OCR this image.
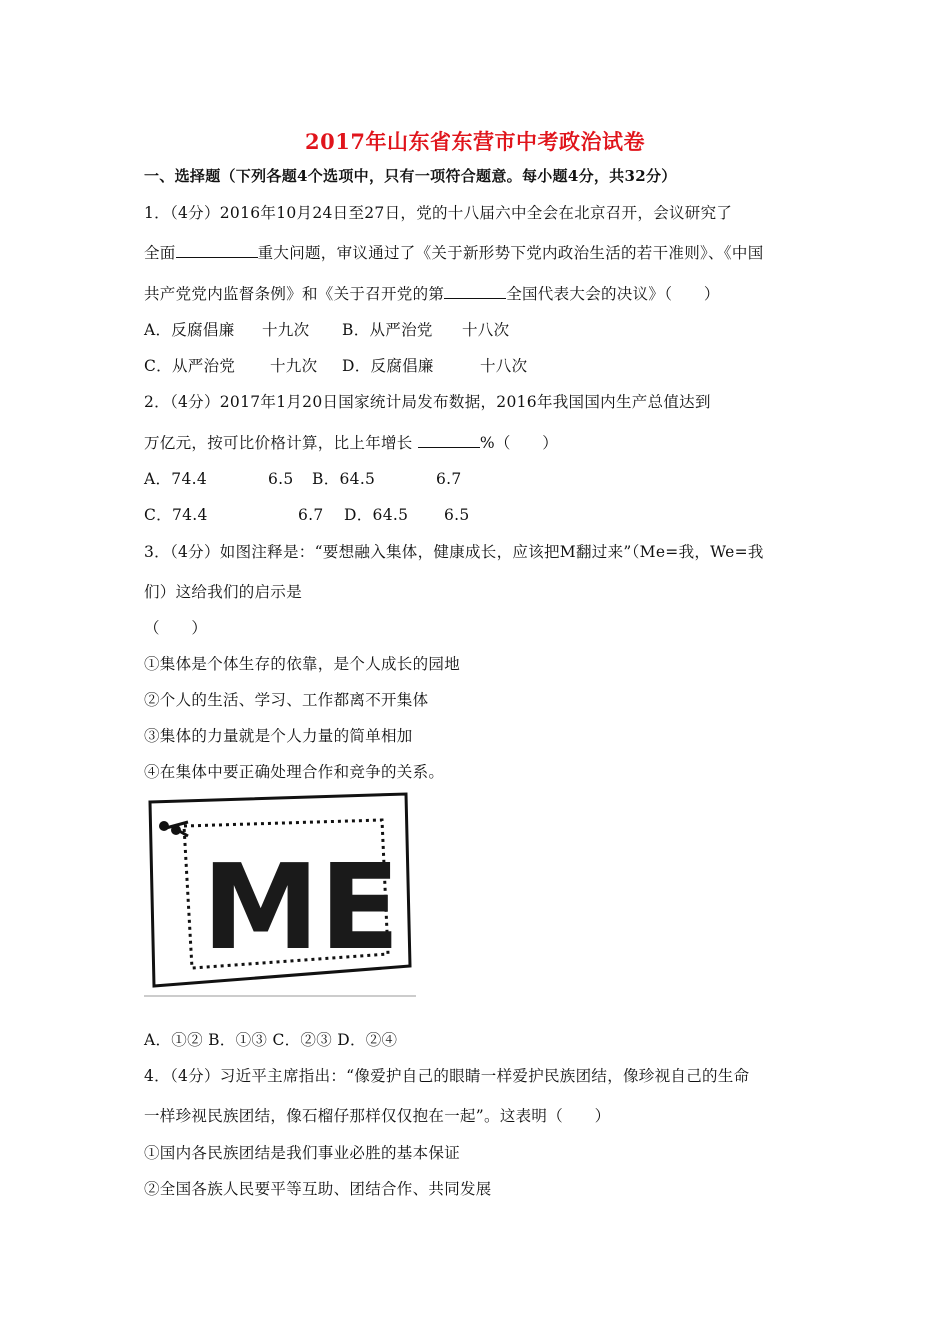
2017年山东省东营市中考政治试卷
一、选择题（下列各题4个选项中，只有一项符合题意。每小题4分，共32分）
1．（4分）2016年10月24日至27日，党的十八届六中全会在北京召开，会议研究了
全面	重大问题，审议通过了《关于新形势下党内政治生活的若干准则》、《中国
共产党党内监督条例》和《关于召开党的第	全国代表大会的决议》（　　）
A．反腐倡廉 十九次 B．从严治党 十八次
C．从严治党 十九次 D．反腐倡廉	十八次
2．（4分）2017年1月20日国家统计局发布数据，2016年我国国内生产总值达到
万亿元，按可比价格计算，比上年增长	%（　　）
A．74.4	6.5 B．64.5	6.7
C．74.4	6.7 D．64.5 6.5
3．（4分）如图注释是：“要想融入集体，健康成长，应该把M翻过来”（Me=我，We=我
们）这给我们的启示是
（　　）
①集体是个体生存的依靠，是个人成长的园地
②个人的生活、学习、工作都离不开集体
③集体的力量就是个人力量的简单相加
④在集体中要正确处理合作和竞争的关系。
ME
A．①② B．①③ C．②③ D．②④
4．（4分）习近平主席指出：“像爱护自己的眼睛一样爱护民族团结，像珍视自己的生命
一样珍视民族团结，像石榴仔那样仅仅抱在一起”。这表明（　　）
①国内各民族团结是我们事业必胜的基本保证
②全国各族人民要平等互助、团结合作、共同发展
